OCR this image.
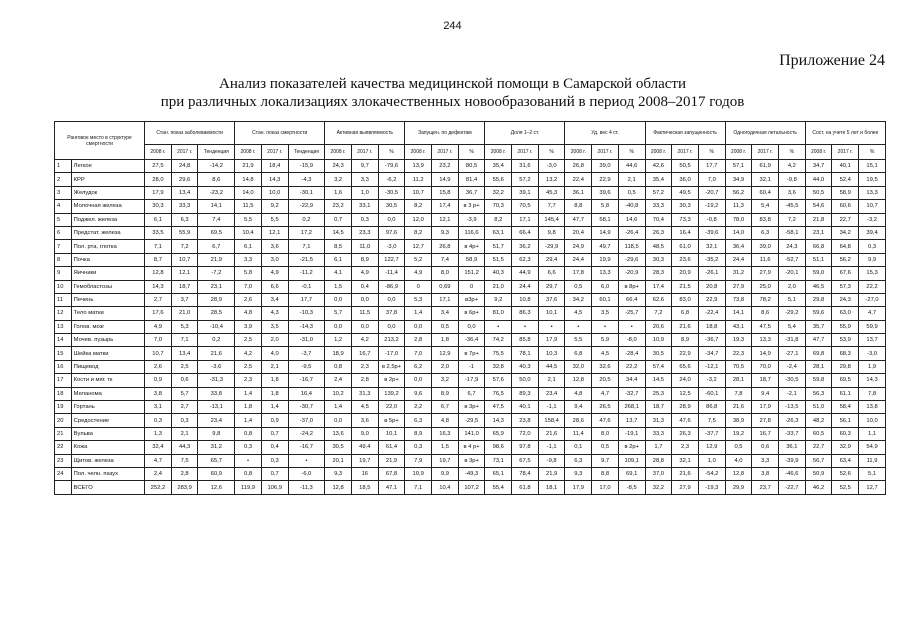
244
Приложение 24
Анализ показателей качества медицинской помощи в Самарской области
при различных локализациях злокачественных новообразований в период 2008–2017 годов
Ранговое место в структуре смертности		Стан. показ заболеваемости			Стан. показ смертности			Активная выявляемость			Запущен. по дефектам			Доля 1–2 ст.			Уд. вес 4 ст.			Фактическая запущенность			Одногодичная летальность			Сост. на учете 5 лет и более		
		2008 г.	2017 г.	Тенденция	2008 г.	2017 г.	Тенденция	2008 г.	2017 г.	%	2008 г.	2017 г.	%	2008 г.	2017 г.	%	2008 г.	2017 г.	%	2008 г.	2017 г.	%	2008 г.	2017 г.	%	2008 г.	2017 г.	%
1	Легкое	27,5	24,8	-14,2	21,9	18,4	-15,9	24,3	9,7	-79,6	13,9	23,2	80,5	35,4	31,6	-3,0	26,8	39,0	44,6	42,6	50,5	17,7	57,1	61,9	4,2	34,7	40,1	15,1
2	КРР	28,0	29,6	8,6	14,8	14,3	-4,3	3,2	3,3	-6,2	11,2	14,9	81,4	55,6	57,2	13,2	22,4	22,9	2,1	35,4	36,0	7,0	34,9	32,1	-9,8	44,0	52,4	19,5
3	Желудок	17,9	13,4	-23,2	14,0	10,0	-30,1	1,6	1,0	-30,5	10,7	15,8	36,7	32,2	39,1	45,3	36,1	39,6	0,5	57,2	49,5	-20,7	56,2	60,4	3,6	50,5	58,9	13,3
4	Молочная железа	30,3	33,3	14,1	11,5	9,2	-22,9	23,2	33,1	30,5	8,2	17,4	в 3 р+	70,3	70,5	7,7	8,8	5,8	-40,8	33,3	30,3	-19,2	11,3	5,4	-45,5	54,6	60,6	10,7
5	Поджел. железа	6,1	6,3	7,4	5,5	5,5	0,2	0,7	0,3	0,0	12,0	12,1	-3,9	8,2	17,1	145,4	47,7	58,1	14,6	70,4	73,3	-0,8	78,0	83,8	7,2	21,8	22,7	-3,2
6	Предстат. железа	33,5	55,9	69,5	10,4	12,1	17,2	14,5	23,3	97,6	8,2	9,3	116,6	63,1	66,4	9,8	20,4	14,9	-26,4	26,3	16,4	-39,6	14,0	6,3	-58,1	23,1	34,2	39,4
7	Пол. рта, глотка	7,1	7,2	6,7	6,1	3,6	7,1	8,5	11,0	-3,0	12,7	26,8	в 4р+	51,7	36,2	-29,9	24,9	49,7	118,5	48,5	61,0	32,1	36,4	39,0	24,3	66,8	64,8	0,3
8	Почка	8,7	10,7	21,9	3,3	3,0	-21,5	6,1	8,9	122,7	5,2	7,4	58,9	51,5	62,3	29,4	24,4	19,9	-29,6	30,3	23,6	-35,2	24,4	11,6	-52,7	51,1	56,2	9,9
9	Яичники	12,8	12,1	-7,2	5,8	4,9	-11,2	4,1	4,9	-11,4	4,9	8,0	151,2	40,3	44,9	6,6	17,8	13,3	-20,9	28,3	20,9	-26,1	31,2	27,9	-20,1	59,0	67,6	15,3
10	Гемобластозы	14,3	18,7	23,1	7,0	6,6	-0,1	1,5	0,4	-86,9	0	0,69	0	21,0	24,4	29,7	0,5	6,0	в 8р+	17,4	21,5	20,8	27,9	25,0	2,0	46,5	57,3	22,2
11	Печень	2,7	3,7	28,9	2,6	3,4	17,7	0,0	0,0	0,0	5,3	17,1	в3р+	9,2	10,8	37,6	34,2	60,1	66,4	62,6	83,0	22,9	73,8	78,2	5,1	29,8	24,3	-27,0
12	Тело матки	17,6	21,0	28,5	4,8	4,3	-10,3	5,7	11,5	37,8	1,4	3,4	в 6р+	81,0	86,3	10,1	4,5	3,5	-25,7	7,2	6,8	-22,4	14,1	8,6	-29,2	59,6	63,0	4,7
13	Голов. мозг	4,9	5,3	-10,4	3,9	3,5	-14,3	0,0	0,0	0,0	0,0	0,5	0,0	•	•	•	•	•	•	20,6	21,6	18,8	43,1	47,5	5,4	35,7	55,9	59,9
14	Мочев. пузырь	7,0	7,1	0,2	2,5	2,0	-31,0	1,2	4,2	213,2	2,8	1,8	-36,4	74,2	85,8	17,9	5,5	5,9	-8,0	10,9	8,9	-36,7	19,3	13,3	-31,8	47,7	53,9	13,7
15	Шейка матки	10,7	13,4	21,6	4,2	4,0	-3,7	18,9	16,7	-17,0	7,0	12,9	в 7р+	75,5	78,1	10,3	6,8	4,5	-28,4	30,5	22,9	-34,7	22,3	14,9	-27,1	69,8	68,3	-3,0
16	Пищевод	2,6	2,5	-3,6	2,5	2,1	-9,5	0,8	2,3	в 2,5р+	6,2	2,0	-1	32,8	40,3	44,5	32,0	32,6	22,2	57,4	65,6	-12,1	70,5	70,0	-2,4	28,1	29,8	1,9
17	Кости и мяг. тк	0,9	0,6	-31,3	2,3	1,8	-16,7	2,4	2,8	в 2р+	0,0	3,2	-17,9	57,6	50,0	2,1	12,8	20,5	34,4	14,5	24,0	-3,2	28,1	18,7	-30,5	59,8	69,5	14,3
18	Меланома	3,8	5,7	33,8	1,4	1,8	16,4	10,2	31,3	139,2	9,6	8,9	6,7	76,5	89,3	23,4	4,8	4,7	-32,7	25,3	12,5	-60,1	7,8	9,4	-2,1	56,3	61,1	7,8
19	Гортань	3,1	2,7	-13,1	1,8	1,4	-30,7	1,4	4,5	22,0	2,2	6,7	в 3р+	47,5	40,1	-1,1	9,4	26,5	268,1	18,7	28,9	86,8	21,6	17,9	-13,5	51,0	58,4	13,8
20	Средостение	0,3	0,3	23,4	1,4	0,9	-37,0	0,0	3,6	в 5р+	6,3	4,8	-29,5	14,3	23,8	158,4	28,6	47,6	13,7	31,3	47,6	7,5	38,9	27,8	-26,3	48,2	56,1	10,0
21	Вульва	1,3	2,1	9,8	0,8	0,7	-24,2	13,6	9,0	10,1	8,9	16,3	141,0	65,9	72,0	21,6	11,4	8,0	-19,1	33,3	26,3	-37,7	19,2	16,7	-33,7	60,5	60,3	1,1
22	Кожа	32,4	44,3	31,2	0,3	0,4	-16,7	30,5	49,4	61,4	0,3	1,5	в 4 р+	98,6	97,8	-1,1	0,1	0,5	в 2р+	1,7	2,3	12,9	0,5	0,6	36,1	22,7	32,9	54,9
23	Щитов. железа	4,7	7,5	65,7	•	0,3	•	20,1	19,7	21,9	7,9	19,7	в 3р+	73,1	67,5	-9,8	6,3	9,7	109,1	28,8	32,1	1,0	4,0	3,3	-39,9	56,7	63,4	11,9
24	Пол. челн. пазух	2,4	2,8	60,9	0,8	0,7	-6,0	9,3	16	67,8	10,9	9,9	-49,3	65,1	78,4	21,9	9,3	8,8	69,1	37,0	21,6	-54,2	12,8	3,8	-46,6	50,9	52,6	5,1
	ВСЕГО	252,2	283,9	12,6	119,9	106,9	-11,3	12,8	18,5	47,1	7,1	10,4	107,2	55,4	61,8	18,1	17,9	17,0	-8,5	32,2	27,9	-19,3	29,9	23,7	-22,7	46,2	52,5	12,7
